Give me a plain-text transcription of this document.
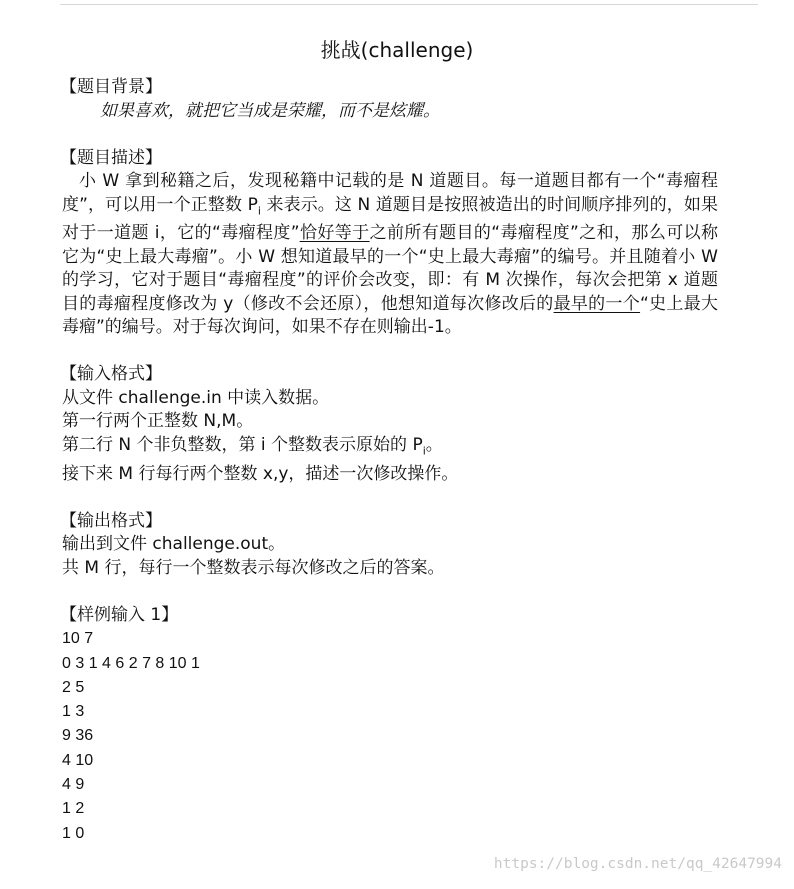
挑战(challenge)
【题目背景】
如果喜欢，就把它当成是荣耀，而不是炫耀。
【题目描述】
小 W 拿到秘籍之后，发现秘籍中记载的是 N 道题目。每一道题目都有一个“毒瘤程度”，可以用一个正整数 $P_i$ 来表示。这 N 道题目是按照被造出的时间顺序排列的，如果对于一道题 i，它的“毒瘤程度”恰好等于之前所有题目的“毒瘤程度”之和，那么可以称它为“史上最大毒瘤”。小 W 想知道最早的一个“史上最大毒瘤”的编号。并且随着小 W 的学习，它对于题目“毒瘤程度”的评价会改变，即：有 M 次操作，每次会把第 x 道题目的毒瘤程度修改为 y（修改不会还原），他想知道每次修改后的最早的一个“史上最大毒瘤”的编号。对于每次询问，如果不存在则输出-1。
【输入格式】
从文件 challenge.in 中读入数据。
第一行两个正整数 N,M。
第二行 N 个非负整数，第 i 个整数表示原始的 $P_i$。
接下来 M 行每行两个整数 x,y，描述一次修改操作。
【输出格式】
输出到文件 challenge.out。
共 M 行，每行一个整数表示每次修改之后的答案。
【样例输入 1】
10 7
0 3 1 4 6 2 7 8 10 1
2 5
1 3
9 36
4 10
4 9
1 2
1 0
https://blog.csdn.net/qq_42647994
